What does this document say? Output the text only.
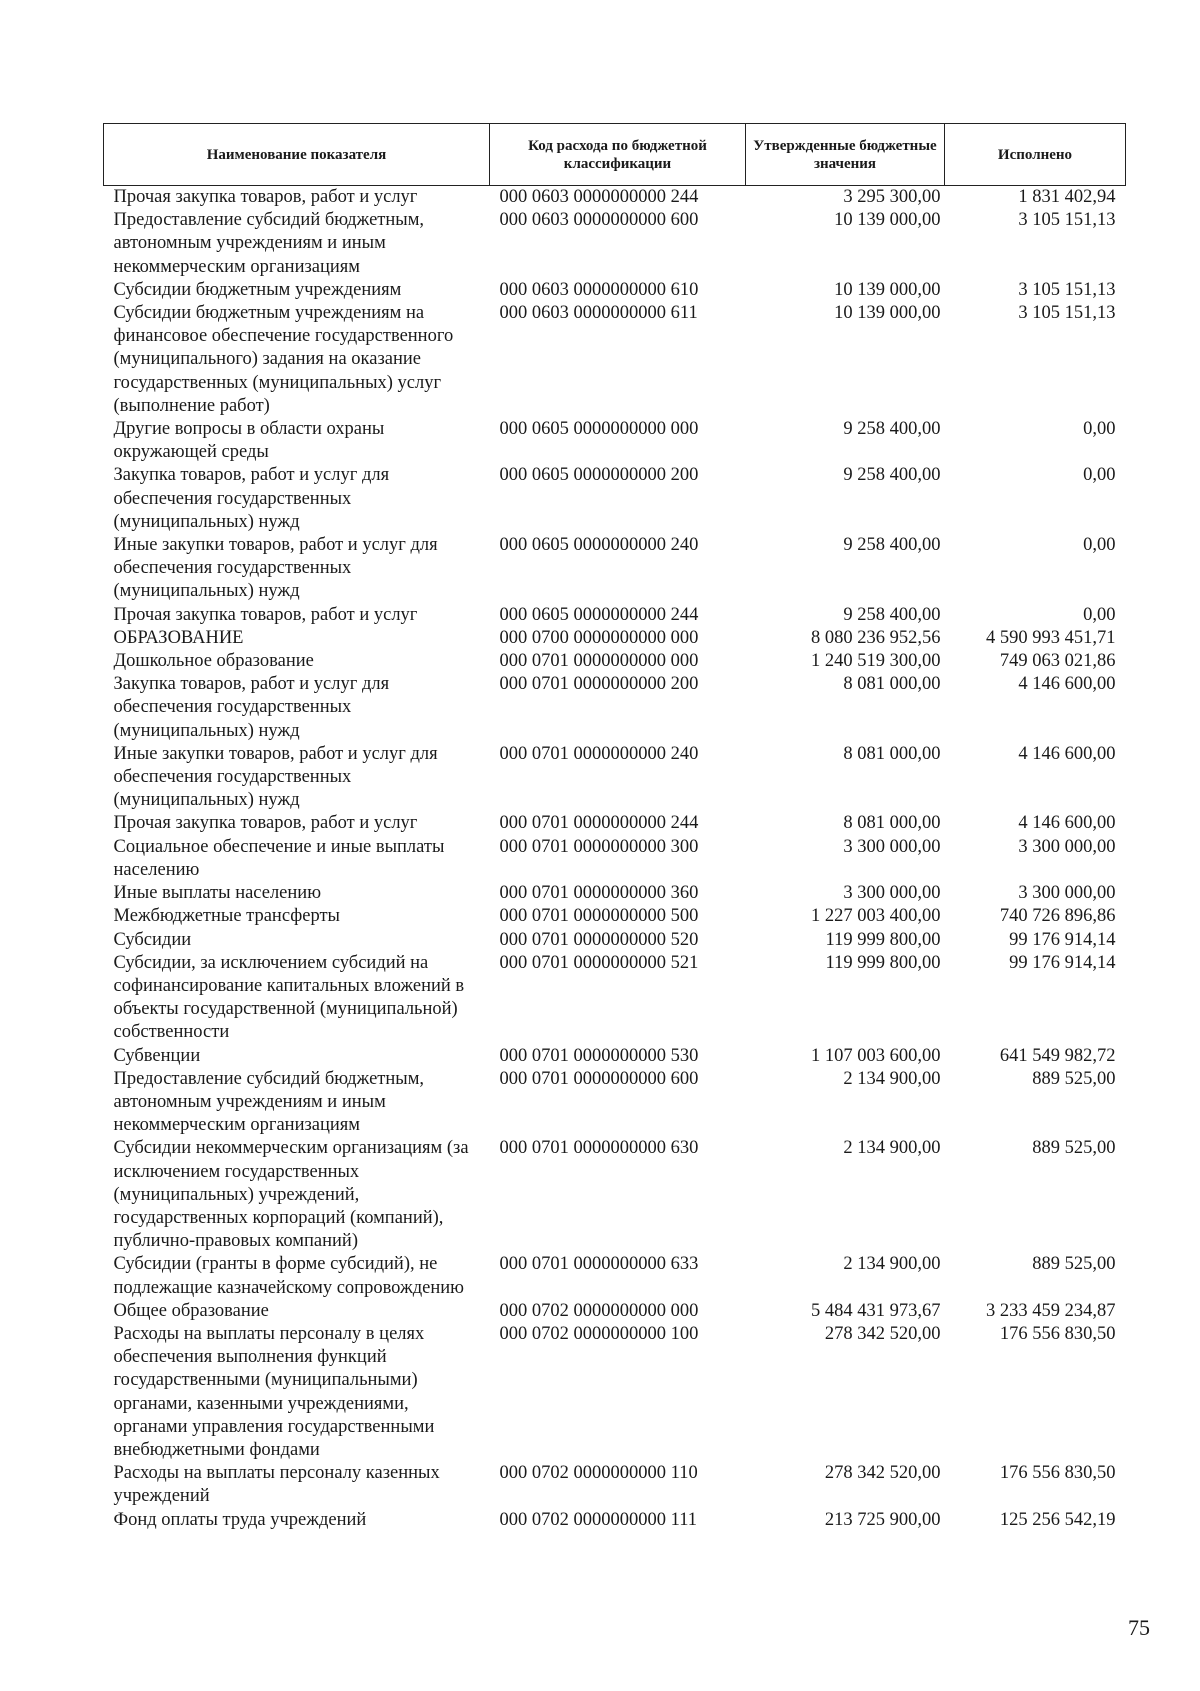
Наименование показателя	Код расхода по бюджетной классификации	Утвержденные бюджетные значения	Исполнено
Прочая закупка товаров, работ и услуг	000 0603 0000000000 244	3 295 300,00	1 831 402,94
Предоставление субсидий бюджетным, автономным учреждениям и иным некоммерческим организациям	000 0603 0000000000 600	10 139 000,00	3 105 151,13
Субсидии бюджетным учреждениям	000 0603 0000000000 610	10 139 000,00	3 105 151,13
Субсидии бюджетным учреждениям на финансовое обеспечение государственного (муниципального) задания на оказание государственных (муниципальных) услуг (выполнение работ)	000 0603 0000000000 611	10 139 000,00	3 105 151,13
Другие вопросы в области охраны окружающей среды	000 0605 0000000000 000	9 258 400,00	0,00
Закупка товаров, работ и услуг для обеспечения государственных (муниципальных) нужд	000 0605 0000000000 200	9 258 400,00	0,00
Иные закупки товаров, работ и услуг для обеспечения государственных (муниципальных) нужд	000 0605 0000000000 240	9 258 400,00	0,00
Прочая закупка товаров, работ и услуг	000 0605 0000000000 244	9 258 400,00	0,00
ОБРАЗОВАНИЕ	000 0700 0000000000 000	8 080 236 952,56	4 590 993 451,71
Дошкольное образование	000 0701 0000000000 000	1 240 519 300,00	749 063 021,86
Закупка товаров, работ и услуг для обеспечения государственных (муниципальных) нужд	000 0701 0000000000 200	8 081 000,00	4 146 600,00
Иные закупки товаров, работ и услуг для обеспечения государственных (муниципальных) нужд	000 0701 0000000000 240	8 081 000,00	4 146 600,00
Прочая закупка товаров, работ и услуг	000 0701 0000000000 244	8 081 000,00	4 146 600,00
Социальное обеспечение и иные выплаты населению	000 0701 0000000000 300	3 300 000,00	3 300 000,00
Иные выплаты населению	000 0701 0000000000 360	3 300 000,00	3 300 000,00
Межбюджетные трансферты	000 0701 0000000000 500	1 227 003 400,00	740 726 896,86
Субсидии	000 0701 0000000000 520	119 999 800,00	99 176 914,14
Субсидии, за исключением субсидий на софинансирование капитальных вложений в объекты государственной (муниципальной) собственности	000 0701 0000000000 521	119 999 800,00	99 176 914,14
Субвенции	000 0701 0000000000 530	1 107 003 600,00	641 549 982,72
Предоставление субсидий бюджетным, автономным учреждениям и иным некоммерческим организациям	000 0701 0000000000 600	2 134 900,00	889 525,00
Субсидии некоммерческим организациям (за исключением государственных (муниципальных) учреждений, государственных корпораций (компаний), публично-правовых компаний)	000 0701 0000000000 630	2 134 900,00	889 525,00
Субсидии (гранты в форме субсидий), не подлежащие казначейскому сопровождению	000 0701 0000000000 633	2 134 900,00	889 525,00
Общее образование	000 0702 0000000000 000	5 484 431 973,67	3 233 459 234,87
Расходы на выплаты персоналу в целях обеспечения выполнения функций государственными (муниципальными) органами, казенными учреждениями, органами управления государственными внебюджетными фондами	000 0702 0000000000 100	278 342 520,00	176 556 830,50
Расходы на выплаты персоналу казенных учреждений	000 0702 0000000000 110	278 342 520,00	176 556 830,50
Фонд оплаты труда учреждений	000 0702 0000000000 111	213 725 900,00	125 256 542,19
75
